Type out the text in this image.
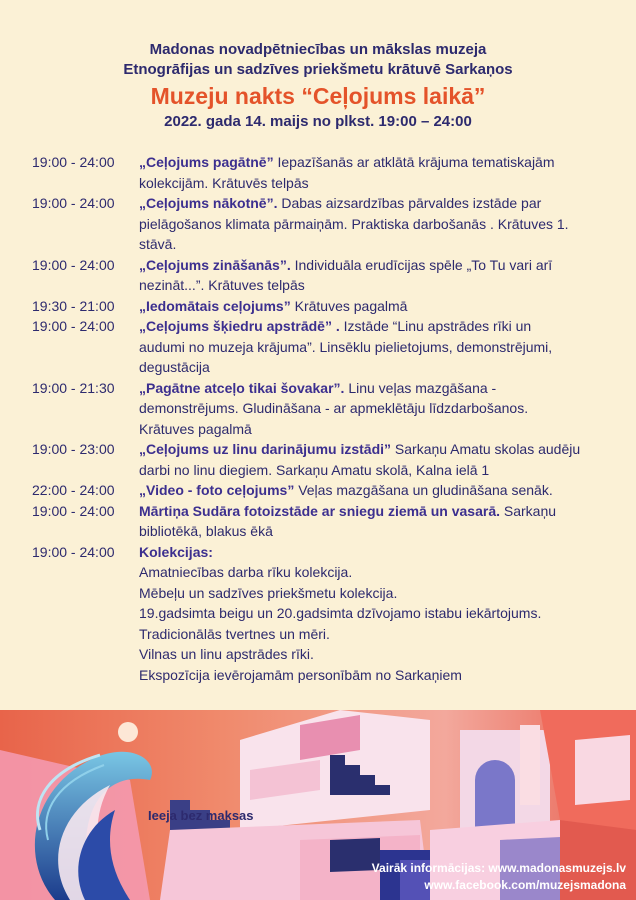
Madonas novadpētniecības un mākslas muzeja
Etnogrāfijas un sadzīves priekšmetu krātuvē Sarkaņos
Muzeju nakts “Ceļojums laikā”
2022. gada 14. maijs no plkst. 19:00 – 24:00
19:00 - 24:00	„Ceļojums pagātnē” Iepazīšanās ar atklātā krājuma tematiskajām
kolekcijām. Krātuvēs telpās
19:00 - 24:00	„Ceļojums nākotnē”. Dabas aizsardzības pārvaldes izstāde par
pielāgošanos klimata pārmaiņām. Praktiska darbošanās . Krātuves 1.
stāvā.
19:00 - 24:00	„Ceļojums zināšanās”. Individuāla erudīcijas spēle „To Tu vari arī
nezināt...”. Krātuves telpās
19:30 - 21:00	„Iedomātais ceļojums” Krātuves pagalmā
19:00 - 24:00	„Ceļojums šķiedru apstrādē” . Izstāde “Linu apstrādes rīki un
audumi no muzeja krājuma”. Linsēklu pielietojums, demonstrējumi,
degustācija
19:00 - 21:30	„Pagātne atceļo tikai šovakar”. Linu veļas mazgāšana -
demonstrējums. Gludināšana - ar apmeklētāju līdzdarbošanos.
Krātuves pagalmā
19:00 - 23:00	„Ceļojums uz linu darinājumu izstādi” Sarkaņu Amatu skolas audēju
darbi no linu diegiem. Sarkaņu Amatu skolā, Kalna ielā 1
22:00 - 24:00	„Video - foto ceļojums” Veļas mazgāšana un gludināšana senāk.
19:00 - 24:00	Mārtiņa Sudāra fotoizstāde ar sniegu ziemā un vasarā. Sarkaņu
bibliotēkā, blakus ēkā
19:00 - 24:00	Kolekcijas:
Amatniecības darba rīku kolekcija.
Mēbeļu un sadzīves priekšmetu kolekcija.
19.gadsimta beigu un 20.gadsimta dzīvojamo istabu iekārtojums.
Tradicionālās tvertnes un mēri.
Vilnas un linu apstrādes rīki.
Ekspozīcija ievērojamām personībām no Sarkaņiem
Ieeja bez maksas
Vairāk informācijas: www.madonasmuzejs.lv
www.facebook.com/muzejsmadona
